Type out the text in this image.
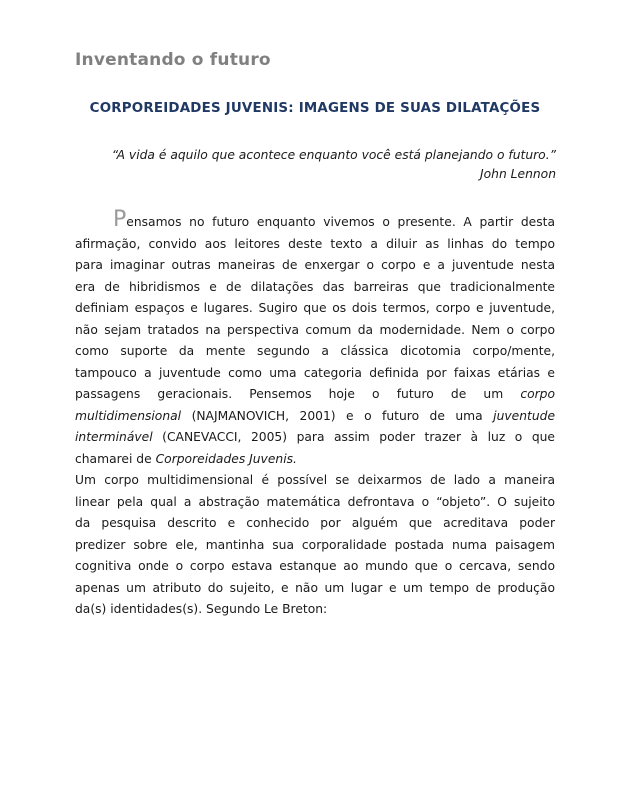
Inventando o futuro
CORPOREIDADES JUVENIS: IMAGENS DE SUAS DILATAÇÕES
“A vida é aquilo que acontece enquanto você está planejando o futuro.”
John Lennon

Pensamos no futuro enquanto vivemos o presente. A partir desta
afirmação, convido aos leitores deste texto a diluir as linhas do tempo
para imaginar outras maneiras de enxergar o corpo e a juventude nesta
era de hibridismos e de dilatações das barreiras que tradicionalmente
definiam espaços e lugares. Sugiro que os dois termos, corpo e juventude,
não sejam tratados na perspectiva comum da modernidade. Nem o corpo
como suporte da mente segundo a clássica dicotomia corpo/mente,
tampouco a juventude como uma categoria definida por faixas etárias e
passagens geracionais. Pensemos hoje o futuro de um corpo
multidimensional (NAJMANOVICH, 2001) e o futuro de uma juventude
interminável (CANEVACCI, 2005) para assim poder trazer à luz o que
chamarei de Corporeidades Juvenis.

Um corpo multidimensional é possível se deixarmos de lado a maneira
linear pela qual a abstração matemática defrontava o “objeto”. O sujeito
da pesquisa descrito e conhecido por alguém que acreditava poder
predizer sobre ele, mantinha sua corporalidade postada numa paisagem
cognitiva onde o corpo estava estanque ao mundo que o cercava, sendo
apenas um atributo do sujeito, e não um lugar e um tempo de produção
da(s) identidades(s). Segundo Le Breton:
